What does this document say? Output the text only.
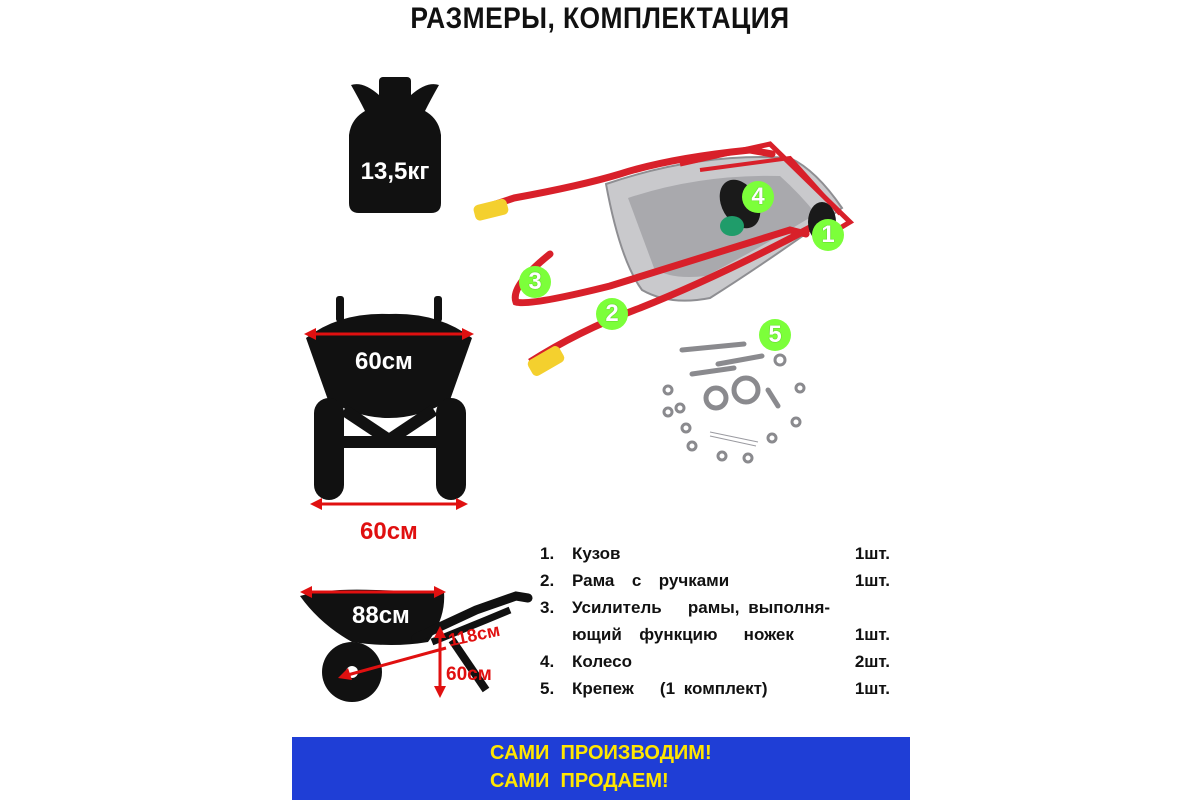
РАЗМЕРЫ, КОМПЛЕКТАЦИЯ
13,5кг
60см
60см
88см
118см
60см
1
2
3
4
5
1.	Кузов	1шт.
2.	Рама  с  ручками	1шт.
3.	Усилитель   рамы, выполня-
ющий  функцию   ножек	1шт.
4.	Колесо	2шт.
5.	Крепеж   (1 комплект)	1шт.
САМИ  ПРОИЗВОДИМ!
САМИ  ПРОДАЕМ!
